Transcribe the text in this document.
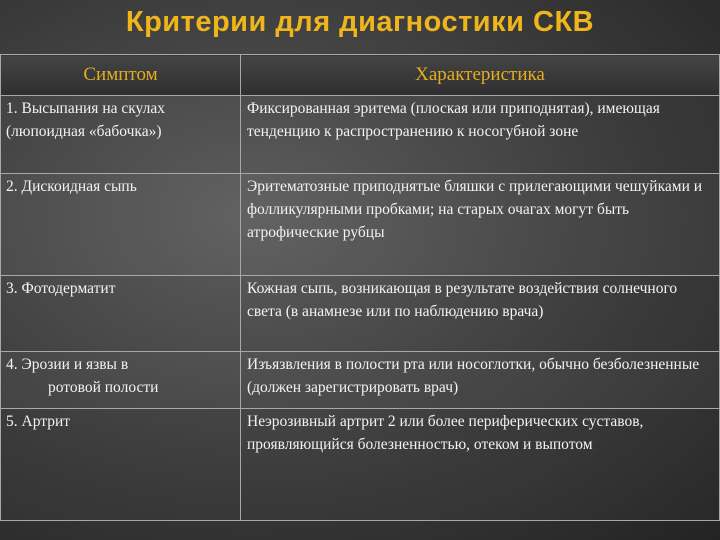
Критерии для диагностики СКВ
Симптом	Характеристика
1. Высыпания на скулах (люпоидная «бабочка»)	Фиксированная эритема (плоская или приподнятая), имеющая тенденцию к распространению к носогубной зоне
2. Дискоидная сыпь	Эритематозные приподнятые бляшки с прилегающими чешуйками и фолликулярными пробками; на старых очагах могут быть атрофические рубцы
3. Фотодерматит	Кожная сыпь, возникающая в результате воздействия солнечного света (в анамнезе или по наблюдению врача)
4. Эрозии и язвы в
ротовой полости	Изъязвления в полости рта или носоглотки, обычно безболезненные (должен зарегистрировать врач)
5. Артрит	Неэрозивный артрит 2 или более периферических суставов, проявляющийся болезненностью, отеком и выпотом
